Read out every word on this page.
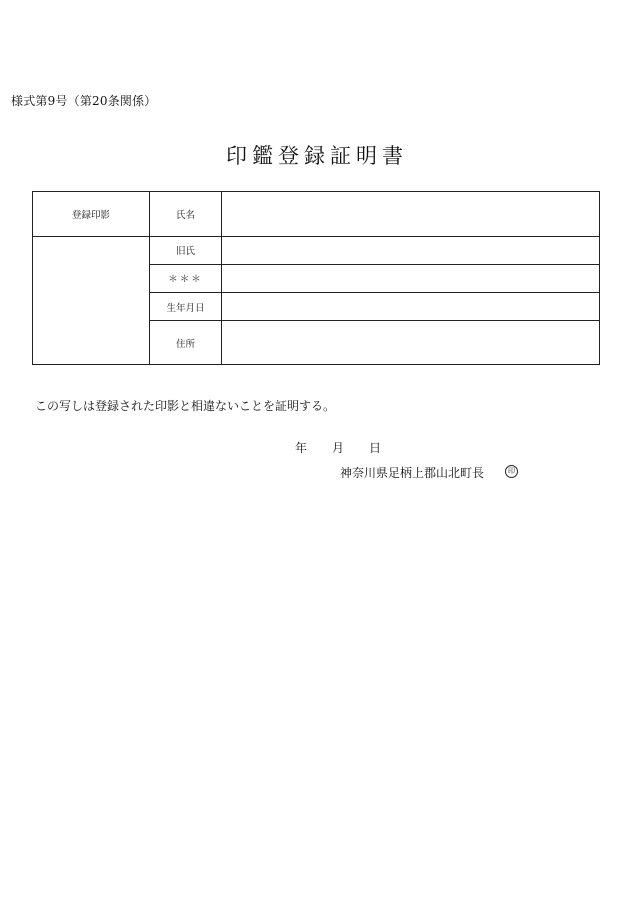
様式第9号（第20条関係）
印鑑登録証明書
登録印影	氏名	
	旧氏	
	＊＊＊	
	生年月日	
	住所	
この写しは登録された印影と相違ないことを証明する。
年 月 日
神奈川県足柄上郡山北町長	印
